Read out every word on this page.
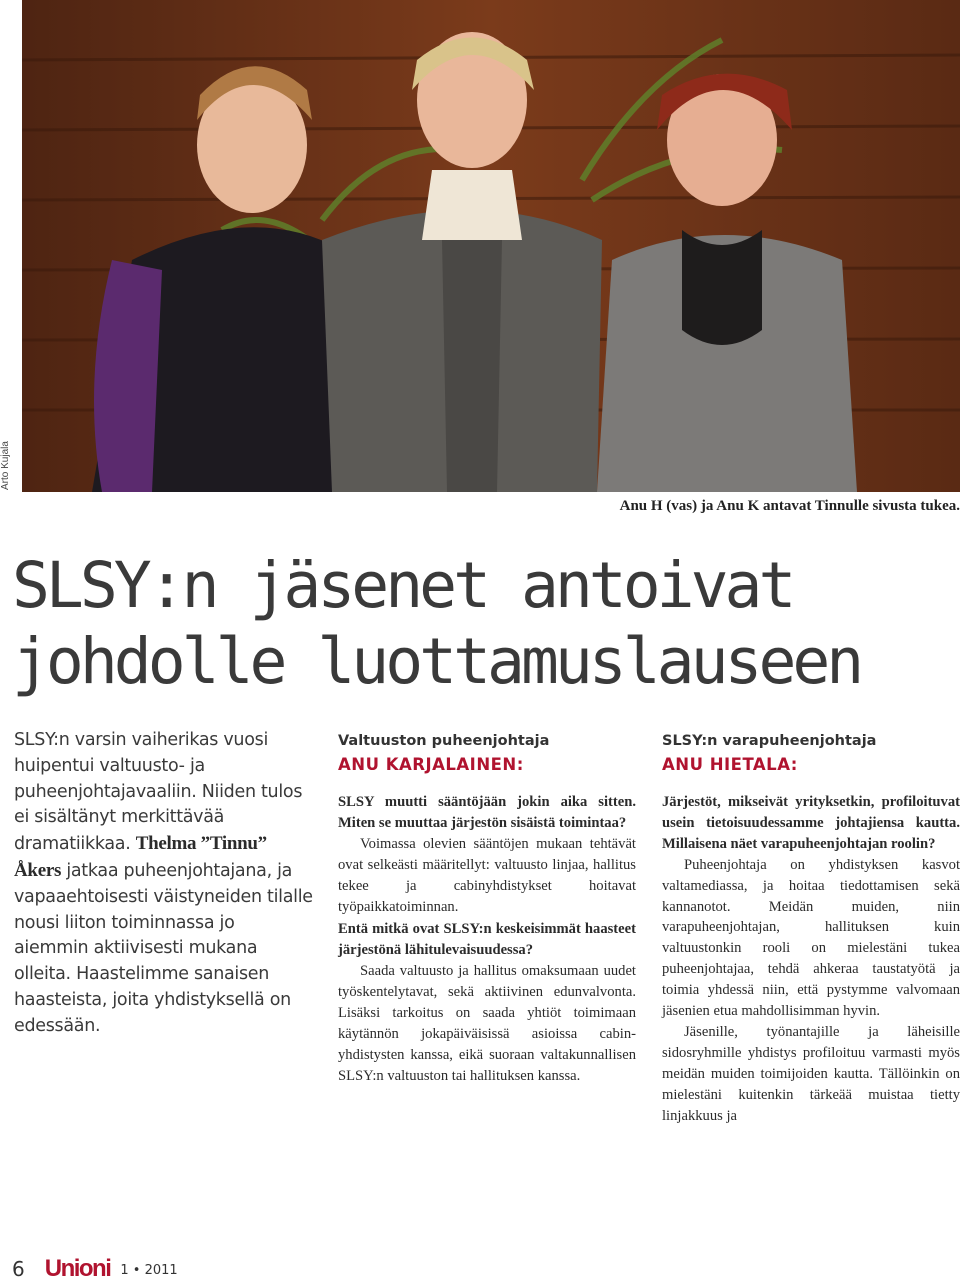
Arto Kujala
Anu H (vas) ja Anu K antavat Tinnulle sivusta tukea.
SLSY:n jäsenet antoivat
johdolle luottamuslauseen
SLSY:n varsin vaiherikas vuosi huipentui valtuusto- ja puheenjohtajavaaliin. Niiden tulos ei sisältänyt merkittävää dramatiikkaa. Thelma ”Tinnu” Åkers jatkaa puheenjohtajana, ja vapaaehtoisesti väistyneiden tilalle nousi liiton toiminnassa jo aiemmin aktiivisesti mukana olleita. Haastelimme sanaisen haasteista, joita yhdistyksellä on edessään.
Valtuuston puheenjohtaja
ANU KARJALAINEN:

SLSY muutti sääntöjään jokin aika sitten. Miten se muuttaa järjestön sisäistä toimintaa?

Voimassa olevien sääntöjen mukaan tehtävät ovat selkeästi määritellyt: valtuusto linjaa, hallitus tekee ja cabinyhdistykset hoitavat työpaikkatoiminnan.

Entä mitkä ovat SLSY:n keskeisimmät haasteet järjestönä lähitulevaisuudessa?

Saada valtuusto ja hallitus omaksumaan uudet työskentelytavat, sekä aktiivinen edunvalvonta. Lisäksi tarkoitus on saada yhtiöt toimimaan käytännön jokapäiväisissä asioissa cabin-yhdistysten kanssa, eikä suoraan valtakunnallisen SLSY:n valtuuston tai hallituksen kanssa.

SLSY:n varapuheenjohtaja
ANU HIETALA:

Järjestöt, mikseivät yrityksetkin, profiloituvat usein tietoisuudessamme johtajiensa kautta. Millaisena näet varapuheenjohtajan roolin?

Puheenjohtaja on yhdistyksen kasvot valtamediassa, ja hoitaa tiedottamisen sekä kannanotot. Meidän muiden, niin varapuheenjohtajan, hallituksen kuin valtuustonkin rooli on mielestäni tukea puheenjohtajaa, tehdä ahkeraa taustatyötä ja toimia yhdessä niin, että pystymme valvomaan jäsenien etua mahdollisimman hyvin.

Jäsenille, työnantajille ja läheisille sidosryhmille yhdistys profiloituu varmasti myös meidän muiden toimijoiden kautta. Tällöinkin on mielestäni kuitenkin tärkeää muistaa tietty linjakkuus ja

6 Unioni 1 • 2011
